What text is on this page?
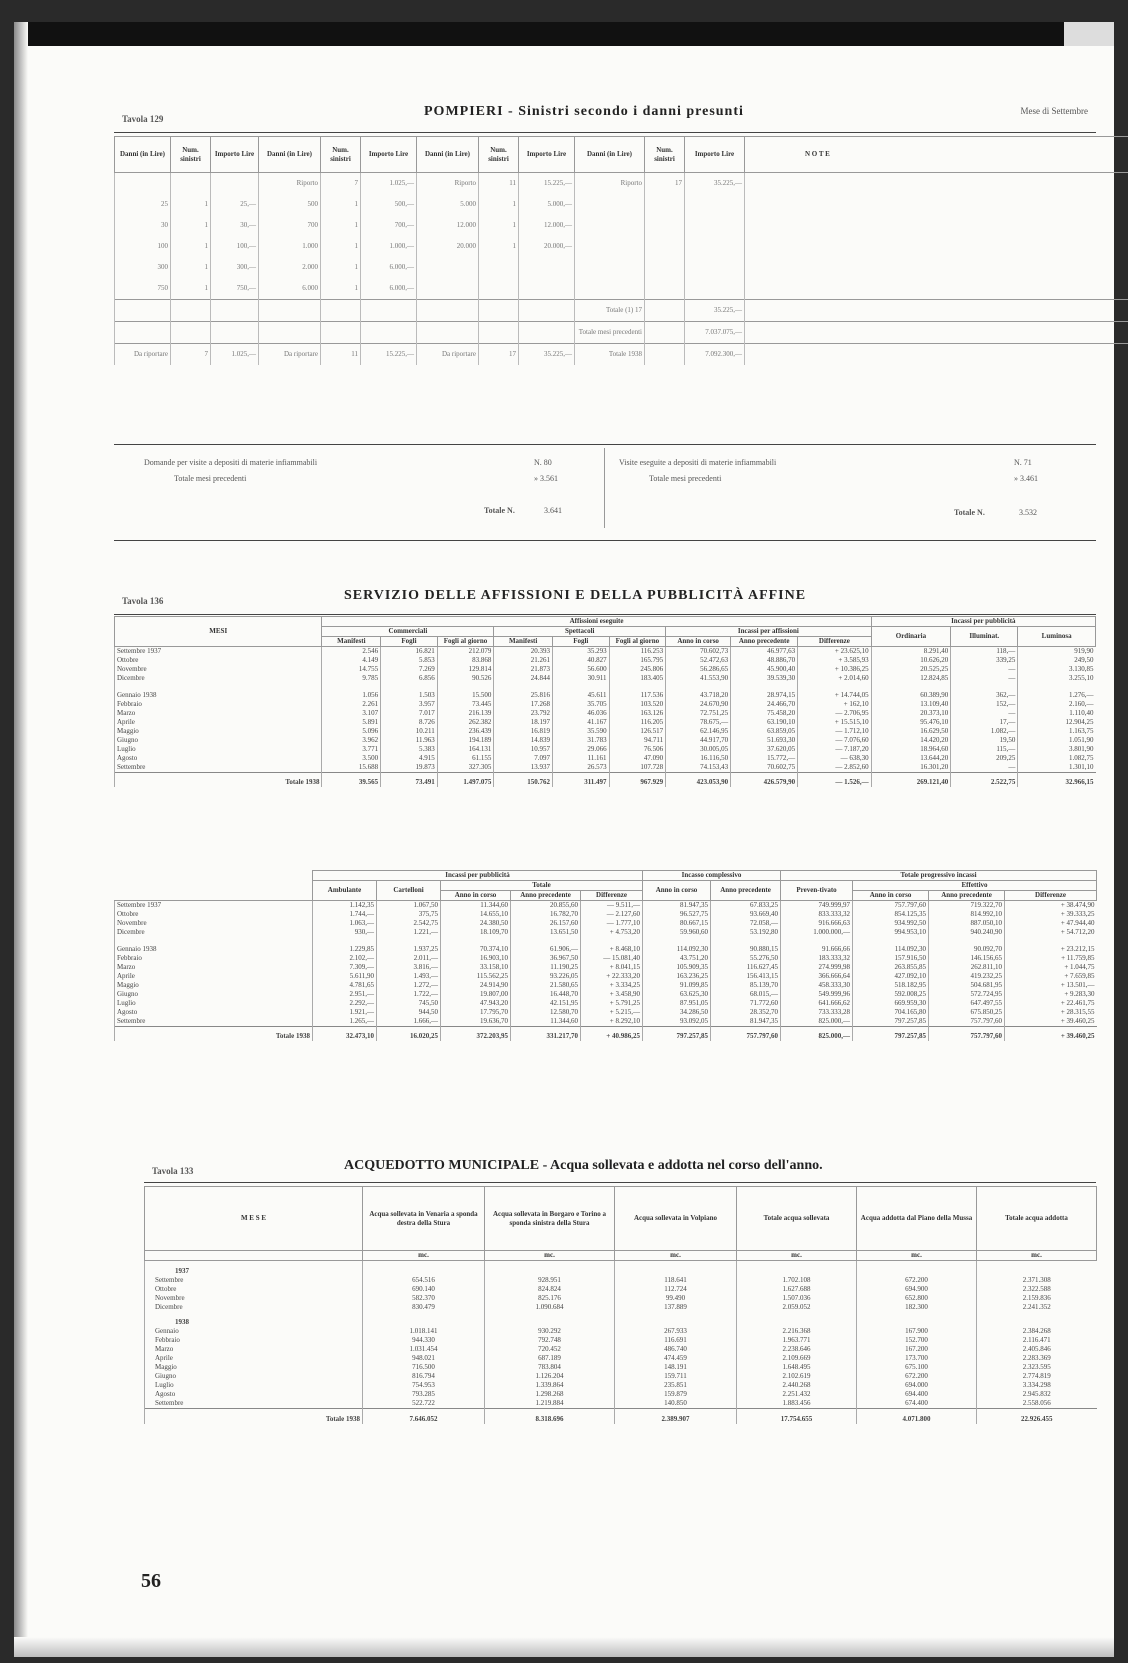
Tavola 129	POMPIERI - Sinistri secondo i danni presunti	Mese di Settembre
Danni (in Lire)	Num. sinistri	Importo Lire	Danni (in Lire)	Num. sinistri	Importo Lire	Danni (in Lire)	Num. sinistri	Importo Lire	Danni (in Lire)	Num. sinistri	Importo Lire	N O T E
			Riporto	7	1.025,—	Riporto	11	15.225,—	Riporto	17	35.225,—	
25	1	25,—	500	1	500,—	5.000	1	5.000,—				
30	1	30,—	700	1	700,—	12.000	1	12.000,—				
100	1	100,—	1.000	1	1.000,—	20.000	1	20.000,—				
300	1	300,—	2.000	1	6.000,—							
750	1	750,—	6.000	1	6.000,—							
									Totale (1) 17		35.225,—	
									Totale mesi precedenti		7.037.075,—	
Da riportare	7	1.025,—	Da riportare	11	15.225,—	Da riportare	17	35.225,—	Totale 1938		7.092.300,—	
Domande per visite a depositi di materie infiammabili	N. 80
Totale mesi precedenti	» 3.561
Totale N.	3.641
Visite eseguite a depositi di materie infiammabili	N. 71
Totale mesi precedenti	» 3.461
Totale N.	3.532
Tavola 136	SERVIZIO DELLE AFFISSIONI E DELLA PUBBLICITÀ AFFINE
MESI	Affissioni eseguite									Incassi per pubblicità		
	Commerciali			Spettacoli			Incassi per affissioni			Ordinaria	Illuminat.	Luminosa
	Manifesti	Fogli	Fogli al giorno	Manifesti	Fogli	Fogli al giorno	Anno in corso	Anno precedente	Differenze			
Settembre 1937	2.546	16.821	212.079	20.393	35.293	116.253	70.602,73	46.977,63	+ 23.625,10	8.291,40	118,—	919,90
Ottobre	4.149	5.853	83.868	21.261	40.827	165.795	52.472,63	48.886,70	+ 3.585,93	10.626,20	339,25	249,50
Novembre	14.755	7.269	129.814	21.873	56.600	245.806	56.286,65	45.900,40	+ 10.386,25	20.525,25	—	3.130,85
Dicembre	9.785	6.856	90.526	24.844	30.911	183.405	41.553,90	39.539,30	+ 2.014,60	12.824,85	—	3.255,10
Gennaio 1938	1.056	1.503	15.500	25.816	45.611	117.536	43.718,20	28.974,15	+ 14.744,05	60.389,90	362,—	1.276,—
Febbraio	2.261	3.957	73.445	17.268	35.705	103.520	24.670,90	24.466,70	+ 162,10	13.109,40	152,—	2.160,—
Marzo	3.107	7.017	216.139	23.792	46.036	163.126	72.751,25	75.458,20	— 2.706,95	20.373,10	—	1.110,40
Aprile	5.891	8.726	262.382	18.197	41.167	116.205	78.675,—	63.190,10	+ 15.515,10	95.476,10	17,—	12.904,25
Maggio	5.096	10.211	236.439	16.819	35.590	126.517	62.146,95	63.859,05	— 1.712,10	16.629,50	1.082,—	1.163,75
Giugno	3.962	11.963	194.189	14.839	31.783	94.711	44.917,70	51.693,30	— 7.076,60	14.420,20	19,50	1.051,90
Luglio	3.771	5.383	164.131	10.957	29.066	76.506	30.005,05	37.620,05	— 7.187,20	18.964,60	115,—	3.801,90
Agosto	3.500	4.915	61.155	7.097	11.161	47.090	16.116,50	15.772,—	— 638,30	13.644,20	209,25	1.082,75
Settembre	15.688	19.873	327.305	13.937	26.573	107.728	74.153,43	70.602,75	— 2.852,60	16.301,20	—	1.301,10
Totale 1938	39.565	73.491	1.497.075	150.762	311.497	967.929	423.053,90	426.579,90	— 1.526,—	269.121,40	2.522,75	32.966,15
	Incassi per pubblicità					Incasso complessivo		Totale progressivo incassi			
	Ambulante	Cartelloni	Totale			Anno in corso	Anno precedente	Preven-tivato	Effettivo		
			Anno in corso	Anno precedente	Differenze				Anno in corso	Anno precedente	Differenze
Settembre 1937	1.142,35	1.067,50	11.344,60	20.855,60	— 9.511,—	81.947,35	67.833,25	749.999,97	757.797,60	719.322,70	+ 38.474,90
Ottobre	1.744,—	375,75	14.655,10	16.782,70	— 2.127,60	96.527,75	93.669,40	833.333,32	854.125,35	814.992,10	+ 39.333,25
Novembre	1.063,—	2.542,75	24.380,50	26.157,60	— 1.777,10	80.667,15	72.058,—	916.666,63	934.992,50	887.050,10	+ 47.944,40
Dicembre	930,—	1.221,—	18.109,70	13.651,50	+ 4.753,20	59.960,60	53.192,80	1.000.000,—	994.953,10	940.240,90	+ 54.712,20
Gennaio 1938	1.229,85	1.937,25	70.374,10	61.906,—	+ 8.468,10	114.092,30	90.880,15	91.666,66	114.092,30	90.092,70	+ 23.212,15
Febbraio	2.102,—	2.011,—	16.903,10	36.967,50	— 15.081,40	43.751,20	55.276,50	183.333,32	157.916,50	146.156,65	+ 11.759,85
Marzo	7.309,—	3.816,—	33.158,10	11.190,25	+ 8.041,15	105.909,35	116.627,45	274.999,98	263.855,85	262.811,10	+ 1.044,75
Aprile	5.611,90	1.493,—	115.562,25	93.226,05	+ 22.333,20	163.236,25	156.413,15	366.666,64	427.092,10	419.232,25	+ 7.659,85
Maggio	4.781,65	1.272,—	24.914,90	21.580,65	+ 3.334,25	91.099,85	85.139,70	458.333,30	518.182,95	504.681,95	+ 13.501,—
Giugno	2.951,—	1.722,—	19.807,00	16.448,70	+ 3.458,90	63.625,30	68.015,—	549.999,96	592.008,25	572.724,95	+ 9.283,30
Luglio	2.292,—	745,50	47.943,20	42.151,95	+ 5.791,25	87.951,05	71.772,60	641.666,62	669.959,30	647.497,55	+ 22.461,75
Agosto	1.921,—	944,50	17.795,70	12.580,70	+ 5.215,—	34.286,50	28.352,70	733.333,28	704.165,80	675.850,25	+ 28.315,55
Settembre	1.265,—	1.666,—	19.636,70	11.344,60	+ 8.292,10	93.092,05	81.947,35	825.000,—	797.257,85	757.797,60	+ 39.460,25
Totale 1938	32.473,10	16.020,25	372.203,95	331.217,70	+ 40.986,25	797.257,85	757.797,60	825.000,—	797.257,85	757.797,60	+ 39.460,25
Tavola 133	ACQUEDOTTO MUNICIPALE - Acqua sollevata e addotta nel corso dell'anno.
M E S E	Acqua sollevata in Venaria a sponda destra della Stura	Acqua sollevata in Borgaro e Torino a sponda sinistra della Stura	Acqua sollevata in Volpiano	Totale acqua sollevata	Acqua addotta dal Piano della Mussa	Totale acqua addotta
	mc.	mc.	mc.	mc.	mc.	mc.
1937						
Settembre	654.516	928.951	118.641	1.702.108	672.200	2.371.308
Ottobre	690.140	824.824	112.724	1.627.688	694.900	2.322.588
Novembre	582.370	825.176	99.490	1.507.036	652.800	2.159.836
Dicembre	830.479	1.090.684	137.889	2.059.052	182.300	2.241.352
1938						
Gennaio	1.018.141	930.292	267.933	2.216.368	167.900	2.384.268
Febbraio	944.330	792.748	116.691	1.963.771	152.700	2.116.471
Marzo	1.031.454	720.452	486.740	2.238.646	167.200	2.405.846
Aprile	948.021	687.189	474.459	2.109.669	173.700	2.283.369
Maggio	716.500	783.804	148.191	1.648.495	675.100	2.323.595
Giugno	816.794	1.126.204	159.711	2.102.619	672.200	2.774.819
Luglio	754.953	1.339.864	235.851	2.440.268	694.000	3.334.298
Agosto	793.285	1.298.268	159.879	2.251.432	694.400	2.945.832
Settembre	522.722	1.219.884	140.850	1.883.456	674.400	2.558.056
Totale 1938	7.646.052	8.318.696	2.389.907	17.754.655	4.071.800	22.926.455
56
